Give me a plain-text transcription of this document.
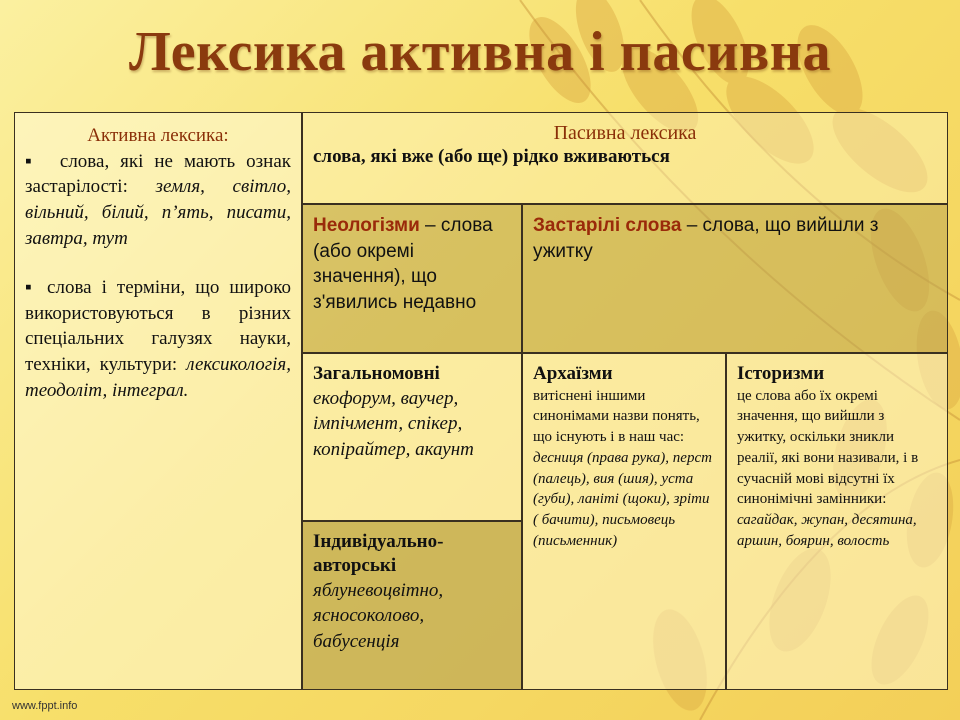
Лексика активна і пасивна
Активна лексика:

▪  слова, які не мають ознак застарілості: земля, світло, вільний, білий, п’ять, писати, завтра, тут

▪ слова і терміни, що широко використовуються в різних спеціальних галузях науки, техніки, культури: лексикологія, теодоліт, інтеграл.

Пасивна лексика
слова, які вже (або ще) рідко вживаються
Неологізми – слова (або окремі значення), що з'явились недавно
Застарілі слова – слова, що вийшли з ужитку
Загальномовні
екофорум, ваучер, імпічмент, спікер, копірайтер, акаунт
Індивідуально-авторські
яблуневоцвітно, ясносоколово, бабусенція
Архаїзми
витіснені іншими синонімами назви понять, що існують і в наш час:
десниця (права рука), перст (палець), вия (шия), уста (губи), ланіті (щоки), зріти ( бачити), письмовець (письменник)
Історизми
це слова або їх окремі значення, що вийшли з ужитку, оскільки зникли реалії, які вони називали, і в сучасній мові відсутні їх синонімічні замінники:
сагайдак, жупан, десятина, аршин, боярин, волость
www.fppt.info
